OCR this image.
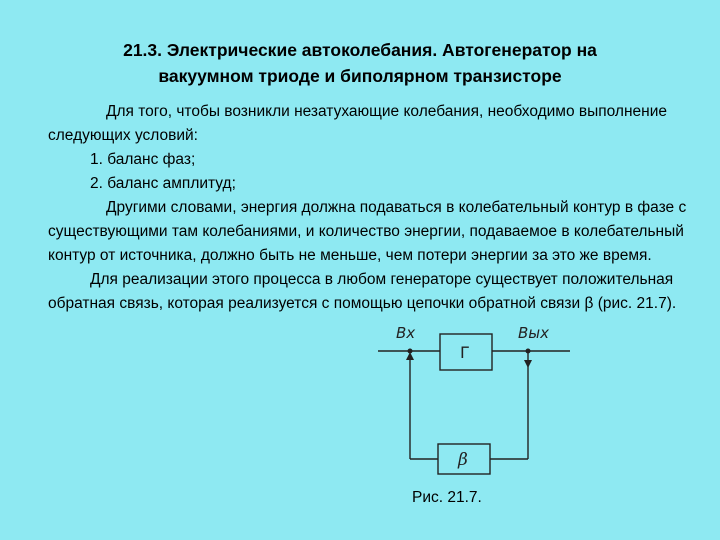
21.3. Электрические автоколебания. Автогенератор на
вакуумном триоде и биполярном транзисторе

Для того, чтобы возникли незатухающие колебания, необходимо выполнение следующих условий:

1. баланс фаз;

2. баланс амплитуд;

Другими словами, энергия должна подаваться в колебательный контур в фазе с существующими там колебаниями, и количество энергии, подаваемое в колебательный контур от источника, должно быть не меньше, чем потери энергии за это же время.

Для реализации этого процесса в любом генераторе существует положительная обратная связь, которая реализуется с помощью цепочки обратной связи β (рис. 21.7).

Вх	Вых
Г
β
Рис. 21.7.
